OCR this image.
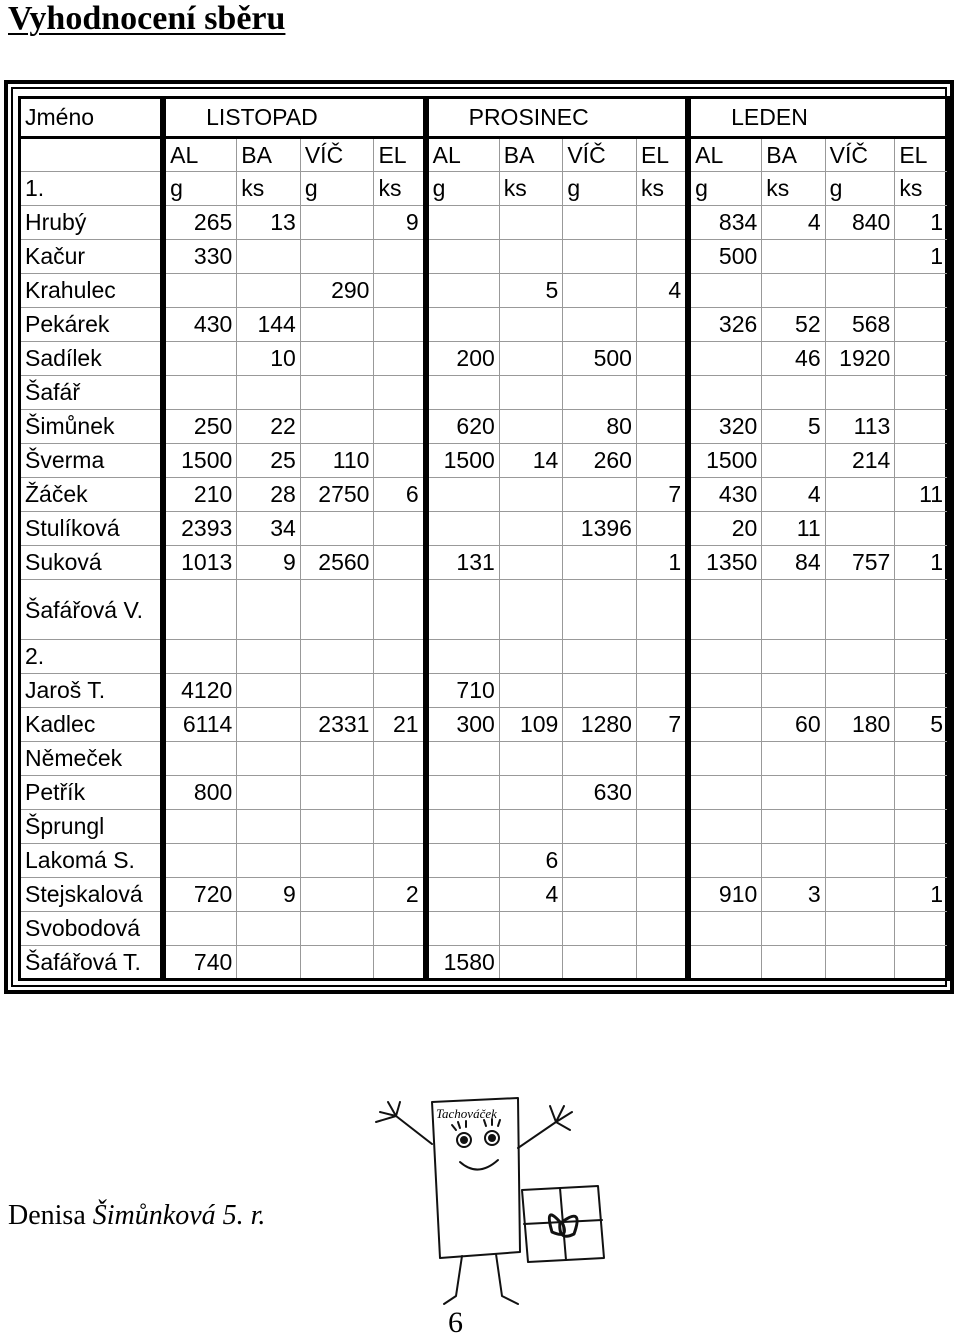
Vyhodnocení sběru
Jméno	LISTOPAD				PROSINEC				LEDEN			
	AL	BA	VÍČ	EL	AL	BA	VÍČ	EL	AL	BA	VÍČ	EL
1.	g	ks	g	ks	g	ks	g	ks	g	ks	g	ks
Hrubý	265	13		9					834	4	840	1
Kačur	330								500			1
Krahulec			290			5		4				
Pekárek	430	144							326	52	568	
Sadílek		10			200		500			46	1920	
Šafář												
Šimůnek	250	22			620		80		320	5	113	
Šverma	1500	25	110		1500	14	260		1500		214	
Žáček	210	28	2750	6				7	430	4		11
Stulíková	2393	34					1396		20	11		
Suková	1013	9	2560		131			1	1350	84	757	1
Šafářová V.												
2.												
Jaroš T.	4120				710							
Kadlec	6114		2331	21	300	109	1280	7		60	180	5
Němeček												
Petřík	800						630					
Šprungl												
Lakomá S.						6						
Stejskalová	720	9		2		4			910	3		1
Svobodová												
Šafářová T.	740				1580							
Tachováček
Denisa Šimůnková 5. r.
6
